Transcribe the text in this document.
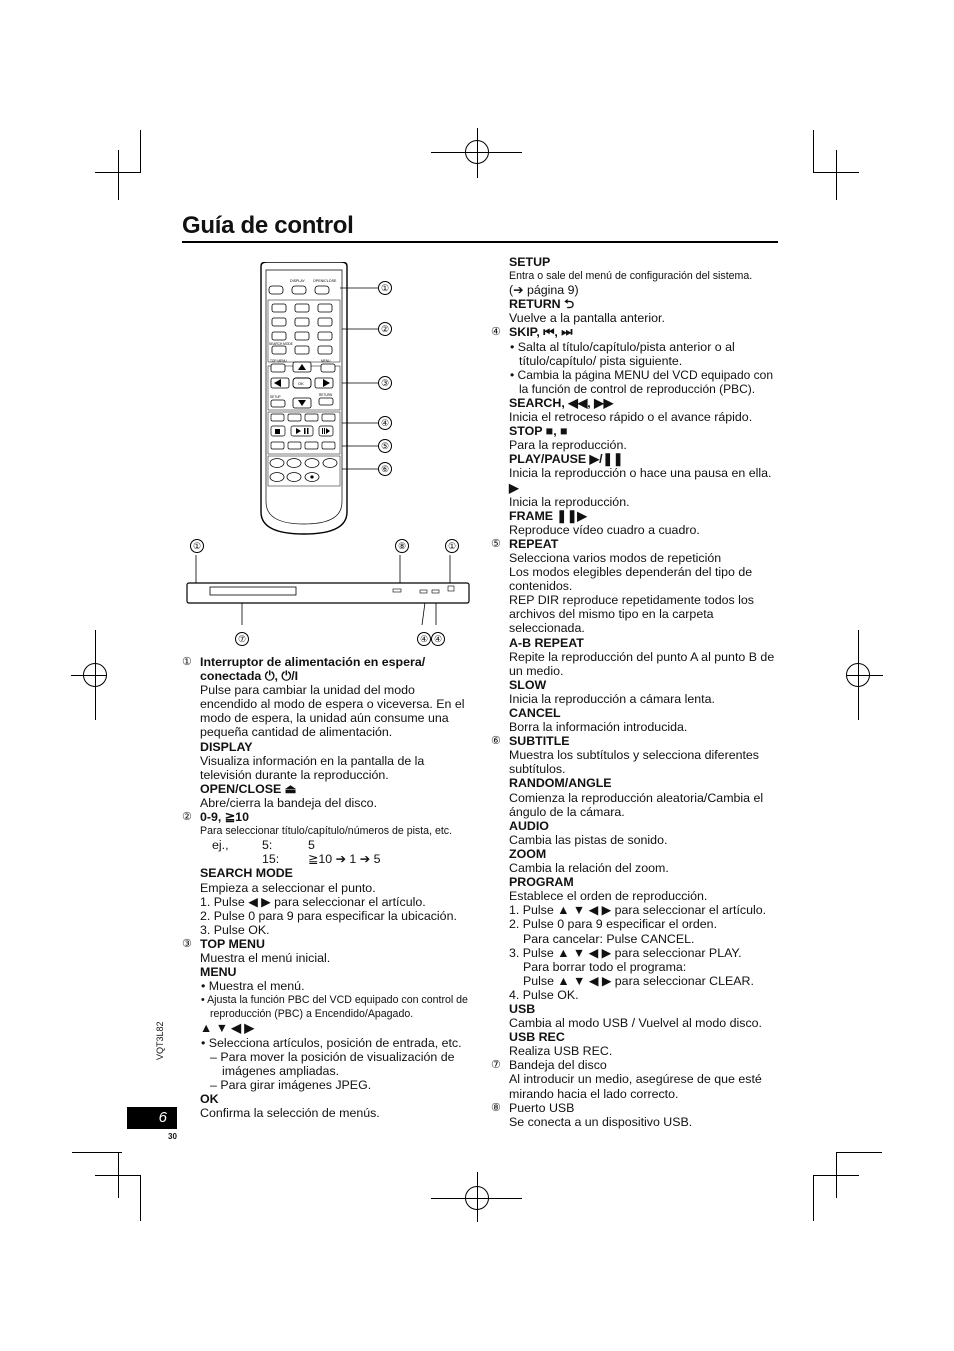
Guía de control
DISPLAY OPEN/CLOSE
SEARCH MODE
TOP MENU	MENU
OK
SETUP	RETURN
①
②
③
④
⑤
⑥
①	⑧	①
⑦	④ ④
① Interruptor de alimentación en espera/ conectada ⏻, ⏻/I
Pulse para cambiar la unidad del modo encendido al modo de espera o viceversa. En el modo de espera, la unidad aún consume una pequeña cantidad de alimentación.
DISPLAY
Visualiza información en la pantalla de la televisión durante la reproducción.
OPEN/CLOSE ⏏
Abre/cierra la bandeja del disco.
② 0-9, ≧10
Para seleccionar título/capítulo/números de pista, etc.
ej.,	5:	5
15:	≧10 ➔ 1 ➔ 5
SEARCH MODE
Empieza a seleccionar el punto.
1. Pulse ◀ ▶ para seleccionar el artículo.
2. Pulse 0 para 9 para especificar la ubicación.
3. Pulse OK.
③ TOP MENU
Muestra el menú inicial.
MENU
• Muestra el menú.
• Ajusta la función PBC del VCD equipado con control de reproducción (PBC) a Encendido/Apagado.
▲ ▼ ◀ ▶
• Selecciona artículos, posición de entrada, etc.
– Para mover la posición de visualización de imágenes ampliadas.
– Para girar imágenes JPEG.
OK
Confirma la selección de menús.
SETUP
Entra o sale del menú de configuración del sistema.
(➔ página 9)
RETURN ⮌
Vuelve a la pantalla anterior.
④ SKIP, ⏮, ⏭
• Salta al título/capítulo/pista anterior o al título/capítulo/ pista siguiente.
• Cambia la página MENU del VCD equipado con la función de control de reproducción (PBC).
SEARCH, ◀◀, ▶▶
Inicia el retroceso rápido o el avance rápido.
STOP ■, ■
Para la reproducción.
PLAY/PAUSE ▶/❚❚
Inicia la reproducción o hace una pausa en ella.
▶
Inicia la reproducción.
FRAME ❚❚▶
Reproduce vídeo cuadro a cuadro.
⑤ REPEAT
Selecciona varios modos de repetición
Los modos elegibles dependerán del tipo de contenidos.
REP DIR reproduce repetidamente todos los archivos del mismo tipo en la carpeta seleccionada.
A-B REPEAT
Repite la reproducción del punto A al punto B de un medio.
SLOW
Inicia la reproducción a cámara lenta.
CANCEL
Borra la información introducida.
⑥ SUBTITLE
Muestra los subtítulos y selecciona diferentes subtítulos.
RANDOM/ANGLE
Comienza la reproducción aleatoria/Cambia el ángulo de la cámara.
AUDIO
Cambia las pistas de sonido.
ZOOM
Cambia la relación del zoom.
PROGRAM
Establece el orden de reproducción.
1. Pulse ▲ ▼ ◀ ▶ para seleccionar el artículo.
2. Pulse 0 para 9 especificar el orden.
Para cancelar: Pulse CANCEL.
3. Pulse ▲ ▼ ◀ ▶ para seleccionar PLAY.
Para borrar todo el programa:
Pulse ▲ ▼ ◀ ▶ para seleccionar CLEAR.
4. Pulse OK.
USB
Cambia al modo USB / Vuelvel al modo disco.
USB REC
Realiza USB REC.
⑦ Bandeja del disco
Al introducir un medio, asegúrese de que esté mirando hacia el lado correcto.
⑧ Puerto USB
Se conecta a un dispositivo USB.
VQT3L82
6
30
